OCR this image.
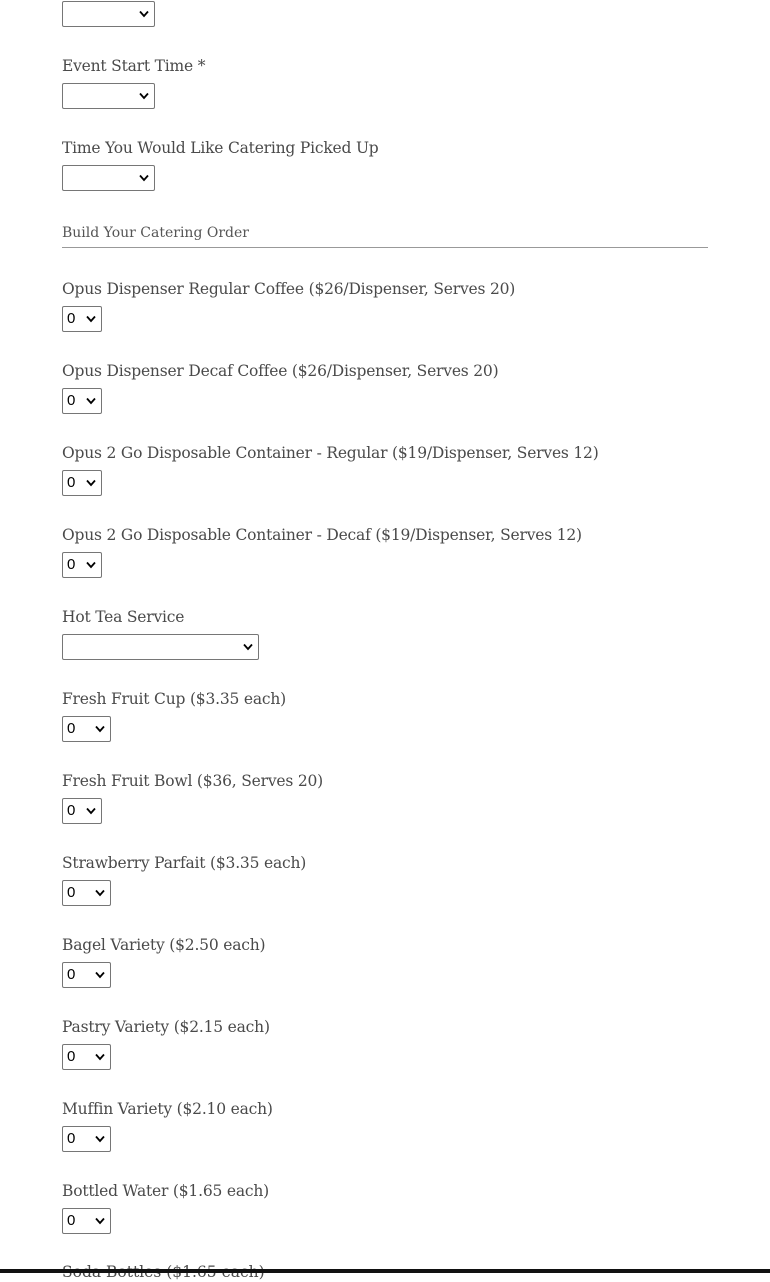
Event Start Time *
Time You Would Like Catering Picked Up
Build Your Catering Order
Opus Dispenser Regular Coffee ($26/Dispenser, Serves 20)
0
Opus Dispenser Decaf Coffee ($26/Dispenser, Serves 20)
0
Opus 2 Go Disposable Container - Regular ($19/Dispenser, Serves 12)
0
Opus 2 Go Disposable Container - Decaf ($19/Dispenser, Serves 12)
0
Hot Tea Service
Fresh Fruit Cup ($3.35 each)
0
Fresh Fruit Bowl ($36, Serves 20)
0
Strawberry Parfait ($3.35 each)
0
Bagel Variety ($2.50 each)
0
Pastry Variety ($2.15 each)
0
Muffin Variety ($2.10 each)
0
Bottled Water ($1.65 each)
0
